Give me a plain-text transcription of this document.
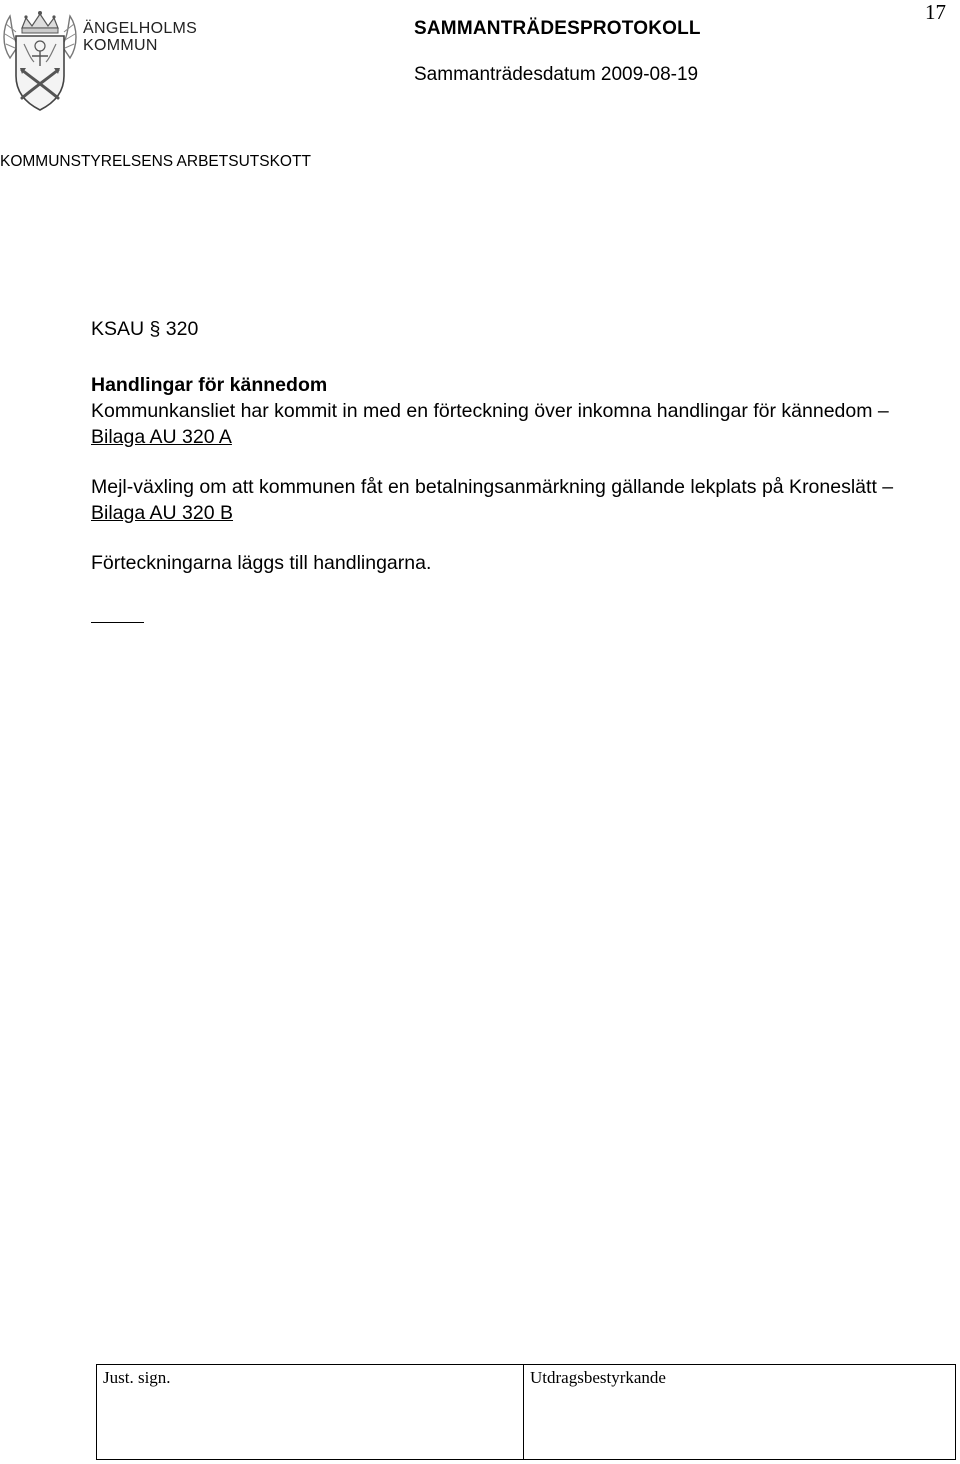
17
ÄNGELHOLMS
KOMMUN
SAMMANTRÄDESPROTOKOLL
Sammanträdesdatum 2009-08-19
KOMMUNSTYRELSENS ARBETSUTSKOTT

KSAU § 320

Handlingar för kännedom

Kommunkansliet har kommit in med en förteckning över inkomna handlingar för kännedom – Bilaga AU 320 A

Mejl-växling om att kommunen fåt en betalningsanmärkning gällande lekplats på Kroneslätt – Bilaga AU 320 B

Förteckningarna läggs till handlingarna.

Just. sign.	Utdragsbestyrkande
